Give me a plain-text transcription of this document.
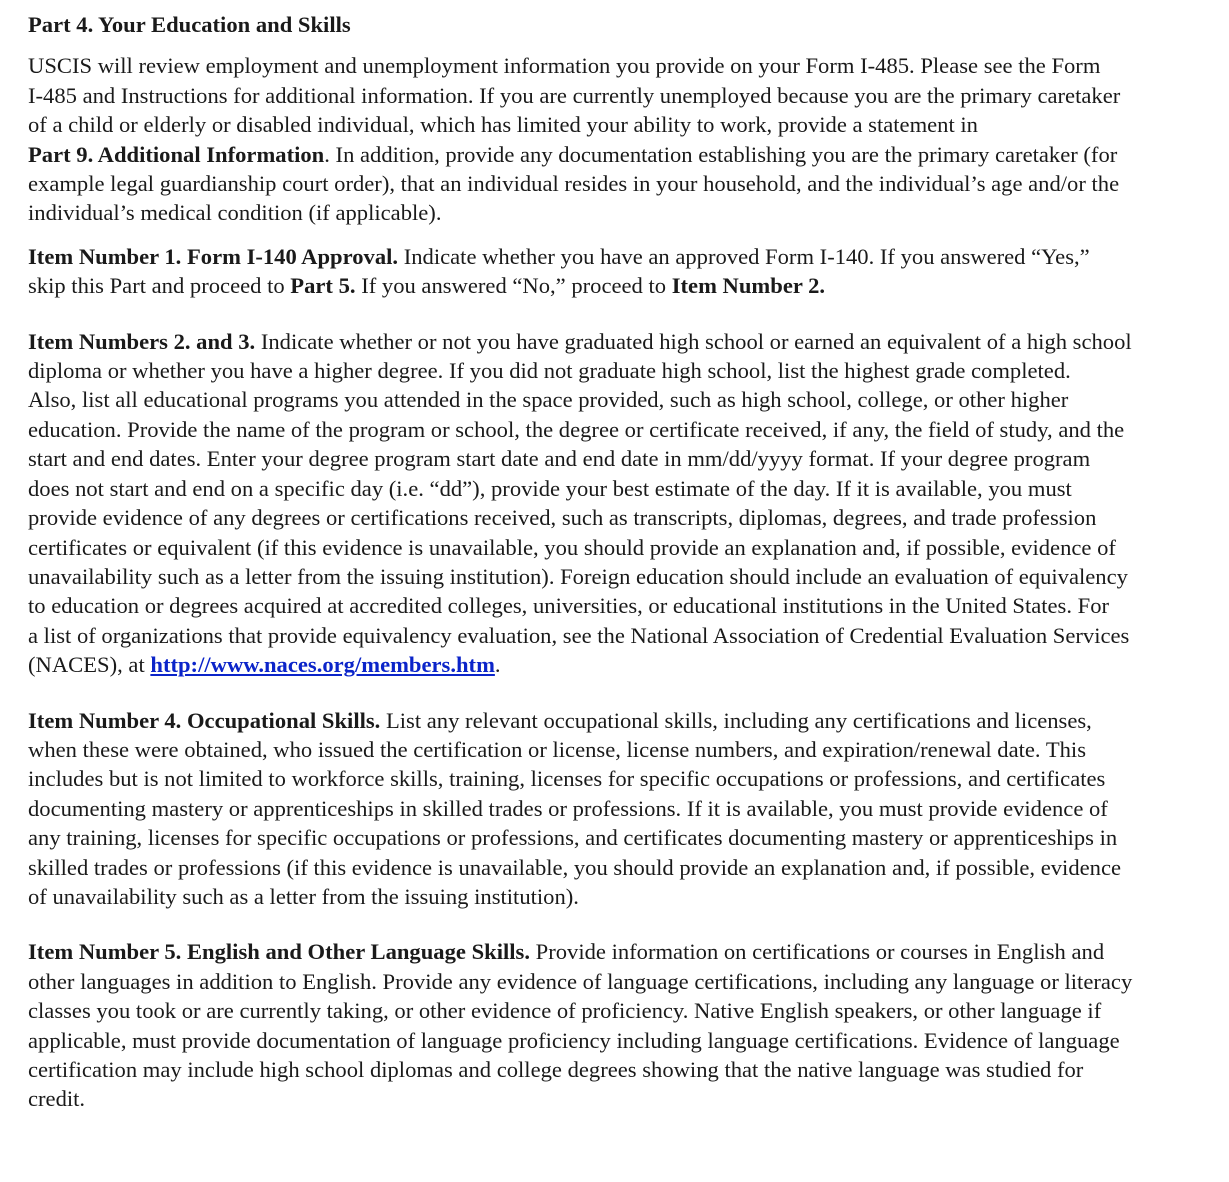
Part 4. Your Education and Skills

USCIS will review employment and unemployment information you provide on your Form I-485. Please see the Form
I-485 and Instructions for additional information. If you are currently unemployed because you are the primary caretaker
of a child or elderly or disabled individual, which has limited your ability to work, provide a statement in
Part 9. Additional Information. In addition, provide any documentation establishing you are the primary caretaker (for
example legal guardianship court order), that an individual resides in your household, and the individual’s age and/or the
individual’s medical condition (if applicable).

Item Number 1. Form I-140 Approval. Indicate whether you have an approved Form I-140. If you answered “Yes,”
skip this Part and proceed to Part 5. If you answered “No,” proceed to Item Number 2.

Item Numbers 2. and 3. Indicate whether or not you have graduated high school or earned an equivalent of a high school
diploma or whether you have a higher degree. If you did not graduate high school, list the highest grade completed.
Also, list all educational programs you attended in the space provided, such as high school, college, or other higher
education. Provide the name of the program or school, the degree or certificate received, if any, the field of study, and the
start and end dates. Enter your degree program start date and end date in mm/dd/yyyy format. If your degree program
does not start and end on a specific day (i.e. “dd”), provide your best estimate of the day. If it is available, you must
provide evidence of any degrees or certifications received, such as transcripts, diplomas, degrees, and trade profession
certificates or equivalent (if this evidence is unavailable, you should provide an explanation and, if possible, evidence of
unavailability such as a letter from the issuing institution). Foreign education should include an evaluation of equivalency
to education or degrees acquired at accredited colleges, universities, or educational institutions in the United States. For
a list of organizations that provide equivalency evaluation, see the National Association of Credential Evaluation Services
(NACES), at http://www.naces.org/members.htm.

Item Number 4. Occupational Skills. List any relevant occupational skills, including any certifications and licenses,
when these were obtained, who issued the certification or license, license numbers, and expiration/renewal date. This
includes but is not limited to workforce skills, training, licenses for specific occupations or professions, and certificates
documenting mastery or apprenticeships in skilled trades or professions. If it is available, you must provide evidence of
any training, licenses for specific occupations or professions, and certificates documenting mastery or apprenticeships in
skilled trades or professions (if this evidence is unavailable, you should provide an explanation and, if possible, evidence
of unavailability such as a letter from the issuing institution).

Item Number 5. English and Other Language Skills. Provide information on certifications or courses in English and
other languages in addition to English. Provide any evidence of language certifications, including any language or literacy
classes you took or are currently taking, or other evidence of proficiency. Native English speakers, or other language if
applicable, must provide documentation of language proficiency including language certifications. Evidence of language
certification may include high school diplomas and college degrees showing that the native language was studied for
credit.
